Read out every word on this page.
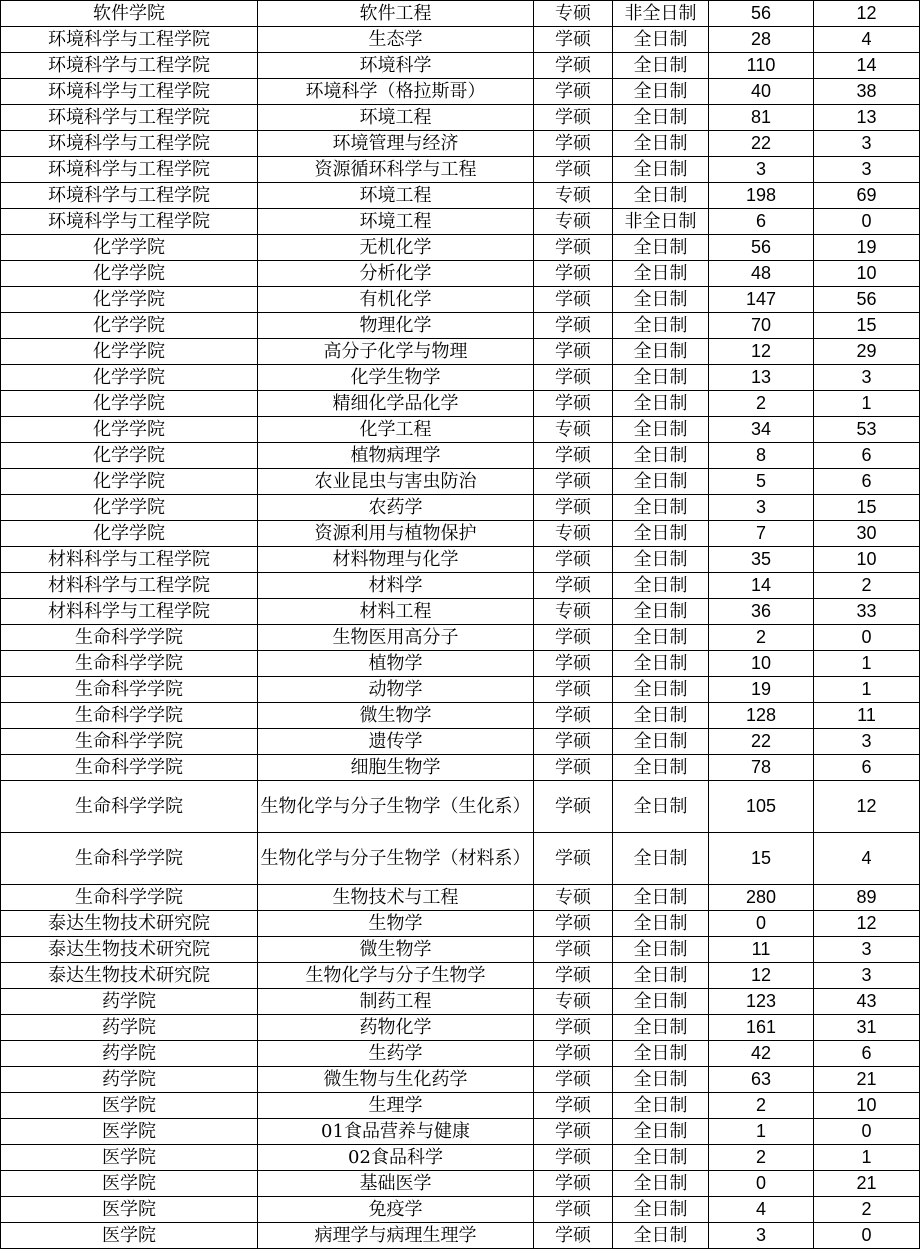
软件学院	软件工程	专硕	非全日制	56	12
环境科学与工程学院	生态学	学硕	全日制	28	4
环境科学与工程学院	环境科学	学硕	全日制	110	14
环境科学与工程学院	环境科学（格拉斯哥）	学硕	全日制	40	38
环境科学与工程学院	环境工程	学硕	全日制	81	13
环境科学与工程学院	环境管理与经济	学硕	全日制	22	3
环境科学与工程学院	资源循环科学与工程	学硕	全日制	3	3
环境科学与工程学院	环境工程	专硕	全日制	198	69
环境科学与工程学院	环境工程	专硕	非全日制	6	0
化学学院	无机化学	学硕	全日制	56	19
化学学院	分析化学	学硕	全日制	48	10
化学学院	有机化学	学硕	全日制	147	56
化学学院	物理化学	学硕	全日制	70	15
化学学院	高分子化学与物理	学硕	全日制	12	29
化学学院	化学生物学	学硕	全日制	13	3
化学学院	精细化学品化学	学硕	全日制	2	1
化学学院	化学工程	专硕	全日制	34	53
化学学院	植物病理学	学硕	全日制	8	6
化学学院	农业昆虫与害虫防治	学硕	全日制	5	6
化学学院	农药学	学硕	全日制	3	15
化学学院	资源利用与植物保护	专硕	全日制	7	30
材料科学与工程学院	材料物理与化学	学硕	全日制	35	10
材料科学与工程学院	材料学	学硕	全日制	14	2
材料科学与工程学院	材料工程	专硕	全日制	36	33
生命科学学院	生物医用高分子	学硕	全日制	2	0
生命科学学院	植物学	学硕	全日制	10	1
生命科学学院	动物学	学硕	全日制	19	1
生命科学学院	微生物学	学硕	全日制	128	11
生命科学学院	遗传学	学硕	全日制	22	3
生命科学学院	细胞生物学	学硕	全日制	78	6
生命科学学院	生物化学与分子生物学（生化系）	学硕	全日制	105	12
生命科学学院	生物化学与分子生物学（材料系）	学硕	全日制	15	4
生命科学学院	生物技术与工程	专硕	全日制	280	89
泰达生物技术研究院	生物学	学硕	全日制	0	12
泰达生物技术研究院	微生物学	学硕	全日制	11	3
泰达生物技术研究院	生物化学与分子生物学	学硕	全日制	12	3
药学院	制药工程	专硕	全日制	123	43
药学院	药物化学	学硕	全日制	161	31
药学院	生药学	学硕	全日制	42	6
药学院	微生物与生化药学	学硕	全日制	63	21
医学院	生理学	学硕	全日制	2	10
医学院	01食品营养与健康	学硕	全日制	1	0
医学院	02食品科学	学硕	全日制	2	1
医学院	基础医学	学硕	全日制	0	21
医学院	免疫学	学硕	全日制	4	2
医学院	病理学与病理生理学	学硕	全日制	3	0
